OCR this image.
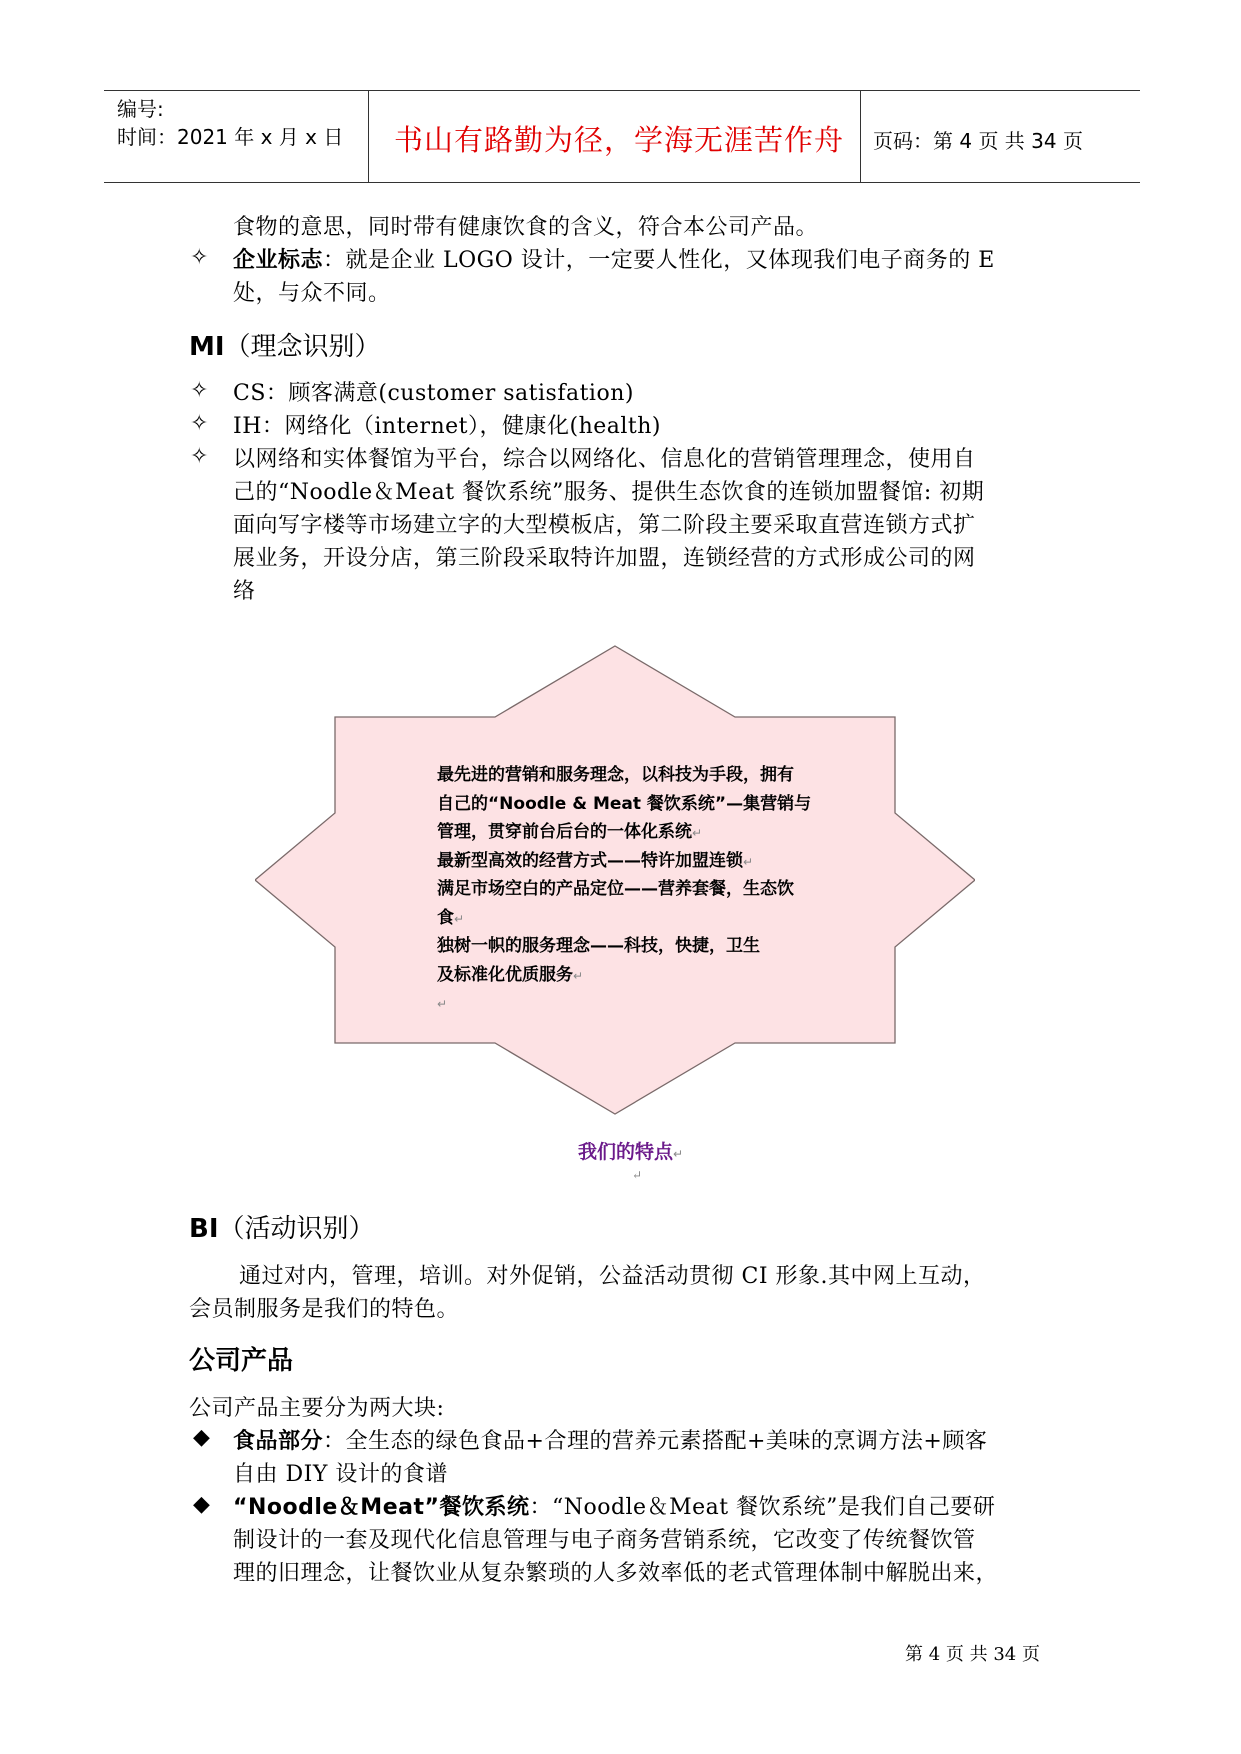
编号:
时间：2021 年 x 月 x 日 书山有路勤为径，学海无涯苦作舟 页码：第 4 页 共 34 页
食物的意思，同时带有健康饮食的含义，符合本公司产品。
✧ 企业标志：就是企业 LOGO 设计，一定要人性化，又体现我们电子商务的 E
处，与众不同。
MI（理念识别）
✧ CS：顾客满意(customer satisfation)
✧ IH：网络化（internet），健康化(health)
✧ 以网络和实体餐馆为平台，综合以网络化、信息化的营销管理理念，使用自
己的“Noodle＆Meat 餐饮系统”服务、提供生态饮食的连锁加盟餐馆: 初期
面向写字楼等市场建立字的大型模板店，第二阶段主要采取直营连锁方式扩
展业务，开设分店，第三阶段采取特许加盟，连锁经营的方式形成公司的网
络
最先进的营销和服务理念，以科技为手段，拥有
自己的“Noodle & Meat 餐饮系统”—集营销与
管理，贯穿前台后台的一体化系统↵
最新型高效的经营方式——特许加盟连锁↵
满足市场空白的产品定位——营养套餐，生态饮
食↵
独树一帜的服务理念——科技，快捷，卫生
及标准化优质服务↵
↵
我们的特点↵
↵
BI（活动识别）
通过对内，管理，培训。对外促销，公益活动贯彻 CI 形象.其中网上互动，
会员制服务是我们的特色。
公司产品
公司产品主要分为两大块:
◆ 食品部分：全生态的绿色食品+合理的营养元素搭配+美味的烹调方法+顾客
自由 DIY 设计的食谱
◆ “Noodle＆Meat”餐饮系统：“Noodle＆Meat 餐饮系统”是我们自己要研
制设计的一套及现代化信息管理与电子商务营销系统，它改变了传统餐饮管
理的旧理念，让餐饮业从复杂繁琐的人多效率低的老式管理体制中解脱出来，
第 4 页 共 34 页
